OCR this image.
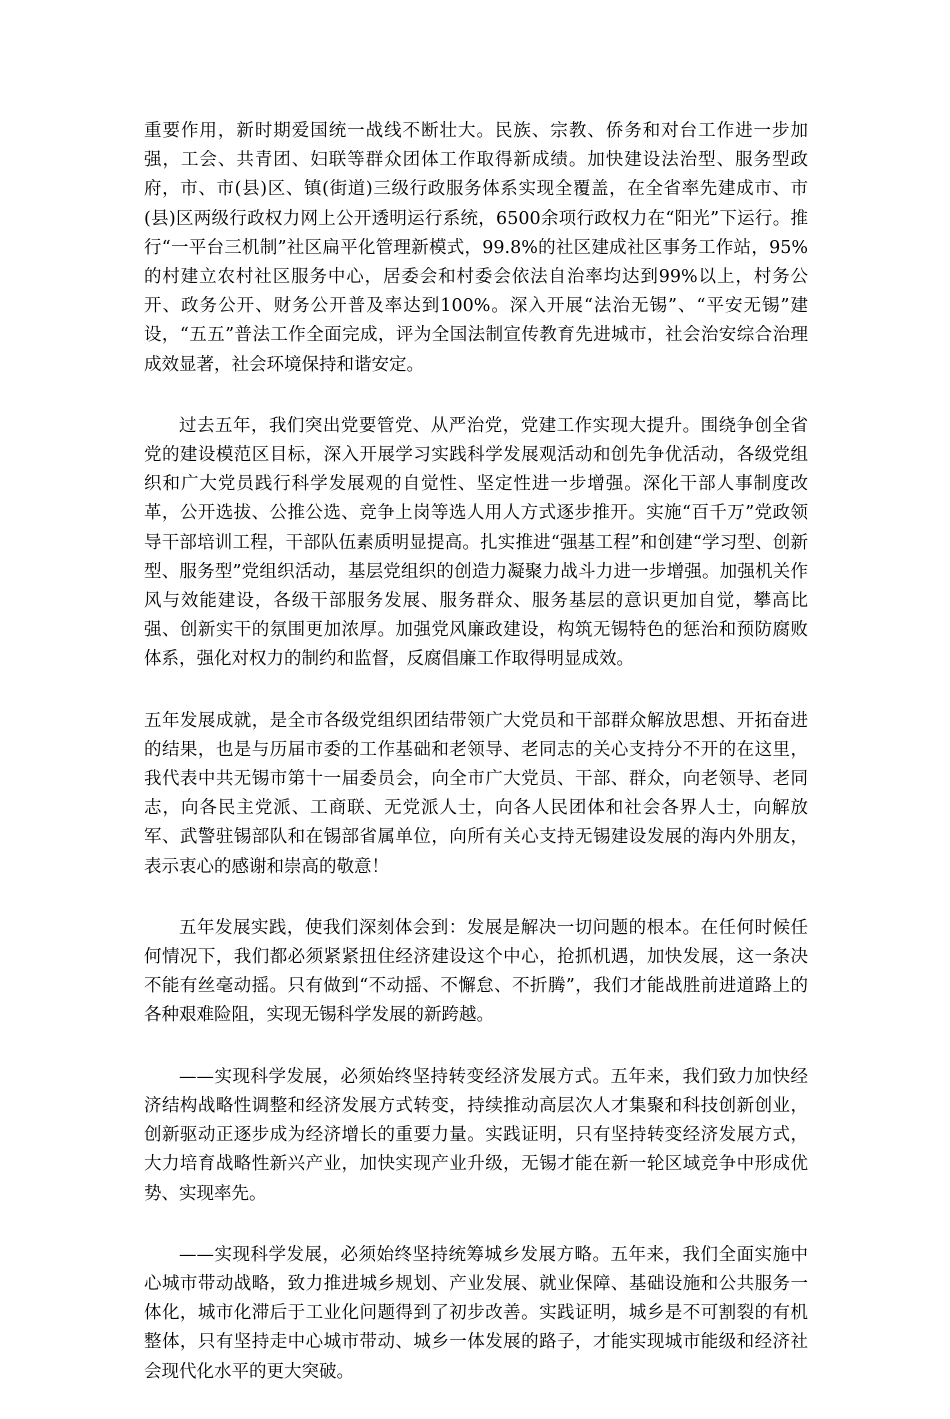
重要作用，新时期爱国统一战线不断壮大。民族、宗教、侨务和对台工作进一步加强，工会、共青团、妇联等群众团体工作取得新成绩。加快建设法治型、服务型政府，市、市(县)区、镇(街道)三级行政服务体系实现全覆盖，在全省率先建成市、市(县)区两级行政权力网上公开透明运行系统，6500余项行政权力在“阳光”下运行。推行“一平台三机制”社区扁平化管理新模式，99.8%的社区建成社区事务工作站，95%的村建立农村社区服务中心，居委会和村委会依法自治率均达到99%以上，村务公开、政务公开、财务公开普及率达到100%。深入开展“法治无锡”、“平安无锡”建设，“五五”普法工作全面完成，评为全国法制宣传教育先进城市，社会治安综合治理成效显著，社会环境保持和谐安定。

过去五年，我们突出党要管党、从严治党，党建工作实现大提升。围绕争创全省党的建设模范区目标，深入开展学习实践科学发展观活动和创先争优活动，各级党组织和广大党员践行科学发展观的自觉性、坚定性进一步增强。深化干部人事制度改革，公开选拔、公推公选、竞争上岗等选人用人方式逐步推开。实施“百千万”党政领导干部培训工程，干部队伍素质明显提高。扎实推进“强基工程”和创建“学习型、创新型、服务型”党组织活动，基层党组织的创造力凝聚力战斗力进一步增强。加强机关作风与效能建设，各级干部服务发展、服务群众、服务基层的意识更加自觉，攀高比强、创新实干的氛围更加浓厚。加强党风廉政建设，构筑无锡特色的惩治和预防腐败体系，强化对权力的制约和监督，反腐倡廉工作取得明显成效。

五年发展成就，是全市各级党组织团结带领广大党员和干部群众解放思想、开拓奋进的结果，也是与历届市委的工作基础和老领导、老同志的关心支持分不开的在这里，我代表中共无锡市第十一届委员会，向全市广大党员、干部、群众，向老领导、老同志，向各民主党派、工商联、无党派人士，向各人民团体和社会各界人士，向解放军、武警驻锡部队和在锡部省属单位，向所有关心支持无锡建设发展的海内外朋友，表示衷心的感谢和崇高的敬意！

五年发展实践，使我们深刻体会到：发展是解决一切问题的根本。在任何时候任何情况下，我们都必须紧紧扭住经济建设这个中心，抢抓机遇，加快发展，这一条决不能有丝毫动摇。只有做到“不动摇、不懈怠、不折腾”，我们才能战胜前进道路上的各种艰难险阻，实现无锡科学发展的新跨越。

——实现科学发展，必须始终坚持转变经济发展方式。五年来，我们致力加快经济结构战略性调整和经济发展方式转变，持续推动高层次人才集聚和科技创新创业，创新驱动正逐步成为经济增长的重要力量。实践证明，只有坚持转变经济发展方式，大力培育战略性新兴产业，加快实现产业升级，无锡才能在新一轮区域竞争中形成优势、实现率先。

——实现科学发展，必须始终坚持统筹城乡发展方略。五年来，我们全面实施中心城市带动战略，致力推进城乡规划、产业发展、就业保障、基础设施和公共服务一体化，城市化滞后于工业化问题得到了初步改善。实践证明，城乡是不可割裂的有机整体，只有坚持走中心城市带动、城乡一体发展的路子，才能实现城市能级和经济社会现代化水平的更大突破。
